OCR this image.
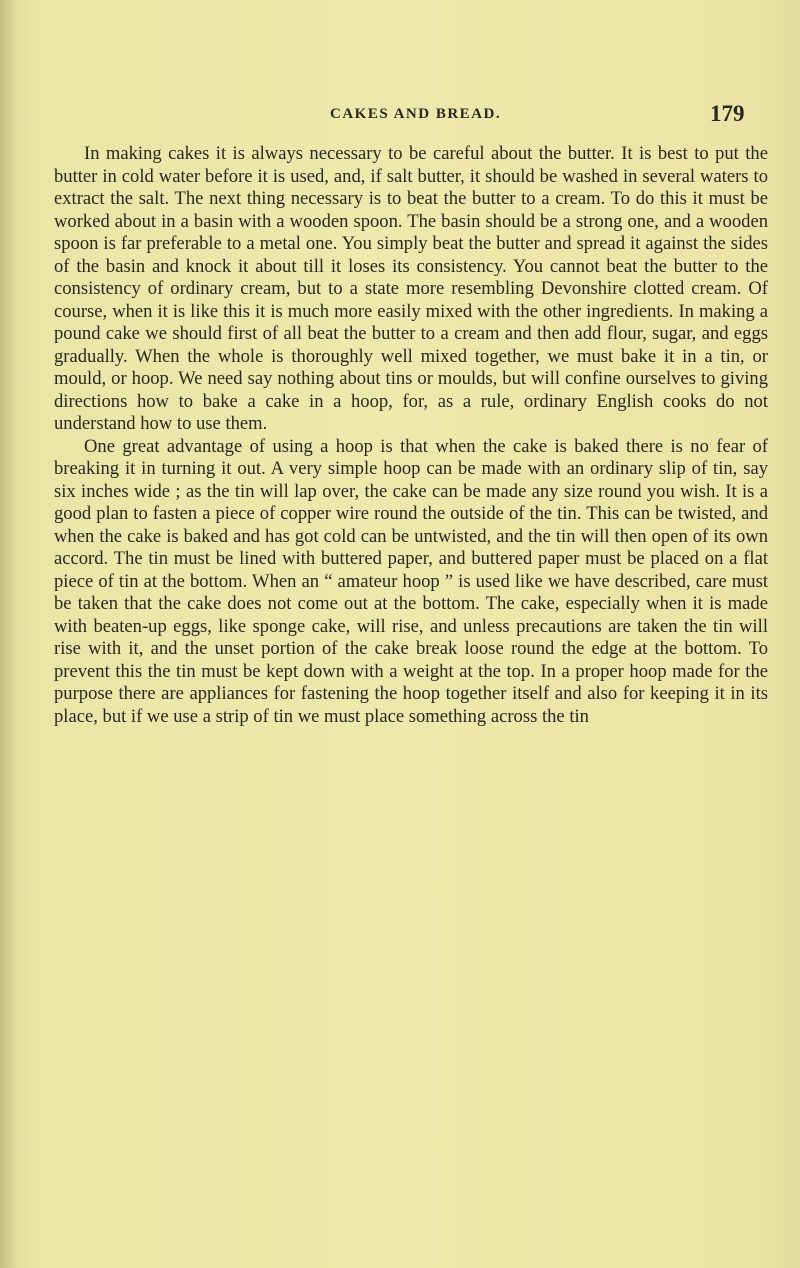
CAKES AND BREAD.	179

In making cakes it is always necessary to be careful about the butter. It is best to put the butter in cold water before it is used, and, if salt butter, it should be washed in several waters to extract the salt. The next thing necessary is to beat the butter to a cream. To do this it must be worked about in a basin with a wooden spoon. The basin should be a strong one, and a wooden spoon is far preferable to a metal one. You simply beat the butter and spread it against the sides of the basin and knock it about till it loses its consistency. You cannot beat the butter to the consistency of ordinary cream, but to a state more resembling Devonshire clotted cream. Of course, when it is like this it is much more easily mixed with the other ingredients. In making a pound cake we should first of all beat the butter to a cream and then add flour, sugar, and eggs gradually. When the whole is thoroughly well mixed together, we must bake it in a tin, or mould, or hoop. We need say nothing about tins or moulds, but will confine ourselves to giving directions how to bake a cake in a hoop, for, as a rule, ordinary English cooks do not understand how to use them.

One great advantage of using a hoop is that when the cake is baked there is no fear of breaking it in turning it out. A very simple hoop can be made with an ordinary slip of tin, say six inches wide ; as the tin will lap over, the cake can be made any size round you wish. It is a good plan to fasten a piece of copper wire round the outside of the tin. This can be twisted, and when the cake is baked and has got cold can be untwisted, and the tin will then open of its own accord. The tin must be lined with buttered paper, and buttered paper must be placed on a flat piece of tin at the bottom. When an “ amateur hoop ” is used like we have described, care must be taken that the cake does not come out at the bottom. The cake, especially when it is made with beaten-up eggs, like sponge cake, will rise, and unless precautions are taken the tin will rise with it, and the unset portion of the cake break loose round the edge at the bottom. To prevent this the tin must be kept down with a weight at the top. In a proper hoop made for the purpose there are appliances for fastening the hoop together itself and also for keeping it in its place, but if we use a strip of tin we must place something across the tin
